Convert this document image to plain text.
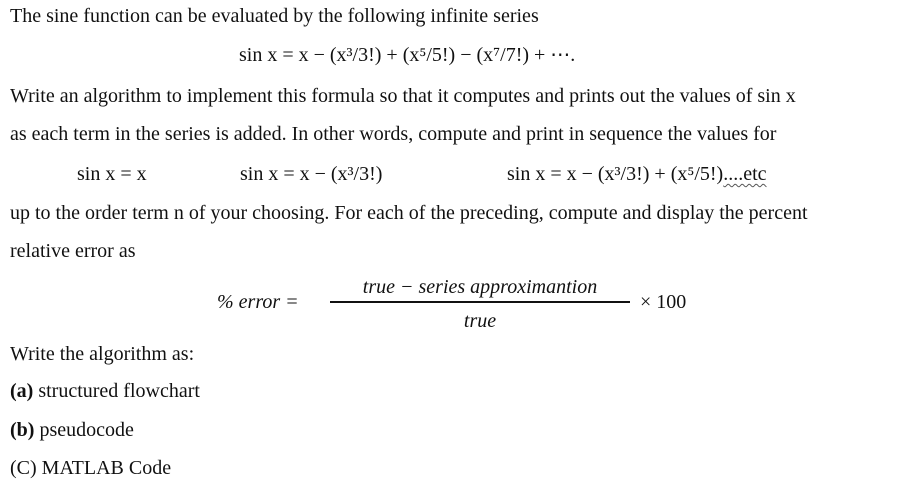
The sine function can be evaluated by the following infinite series
sin x = x − (x³/3!) + (x⁵/5!) − (x⁷/7!) + ⋯.
Write an algorithm to implement this formula so that it computes and prints out the values of sin x
as each term in the series is added. In other words, compute and print in sequence the values for
sin x = x	sin x = x − (x³/3!)	sin x = x − (x³/3!) + (x⁵/5!)....etc
up to the order term n of your choosing. For each of the preceding, compute and display the percent
relative error as
% error =
true − series approximantion
true
× 100
Write the algorithm as:
(a) structured flowchart
(b) pseudocode
(C) MATLAB Code
